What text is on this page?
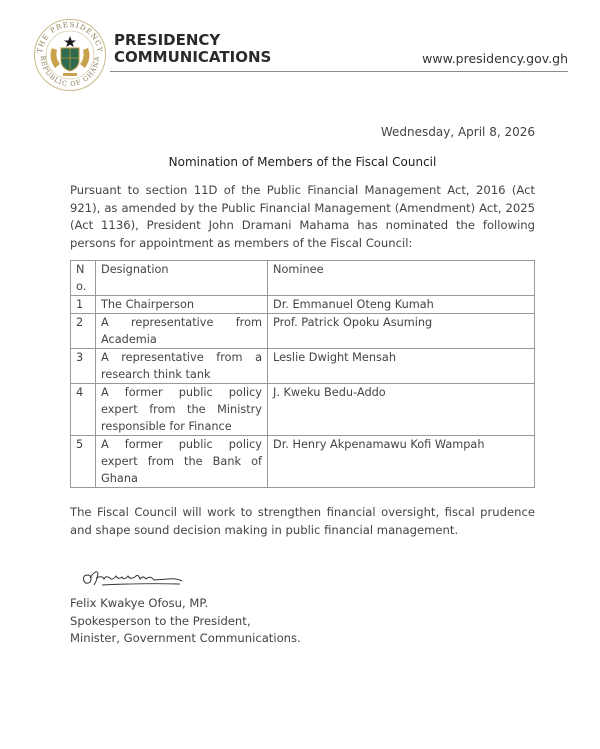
THE PRESIDENCY
REPUBLIC OF GHANA
PRESIDENCY
COMMUNICATIONS	www.presidency.gov.gh
Wednesday, April 8, 2026
Nomination of Members of the Fiscal Council

Pursuant to section 11D of the Public Financial Management Act, 2016 (Act 921), as amended by the Public Financial Management (Amendment) Act, 2025 (Act 1136), President John Dramani Mahama has nominated the following persons for appointment as members of the Fiscal Council:

No.	Designation	Nominee
1	The Chairperson	Dr. Emmanuel Oteng Kumah
2	A representative from Academia	Prof. Patrick Opoku Asuming
3	A representative from a research think tank	Leslie Dwight Mensah
4	A former public policy expert from the Ministry responsible for Finance	J. Kweku Bedu-Addo
5	A former public policy expert from the Bank of Ghana	Dr. Henry Akpenamawu Kofi Wampah

The Fiscal Council will work to strengthen financial oversight, fiscal prudence and shape sound decision making in public financial management.

Felix Kwakye Ofosu, MP.
Spokesperson to the President,
Minister, Government Communications.
